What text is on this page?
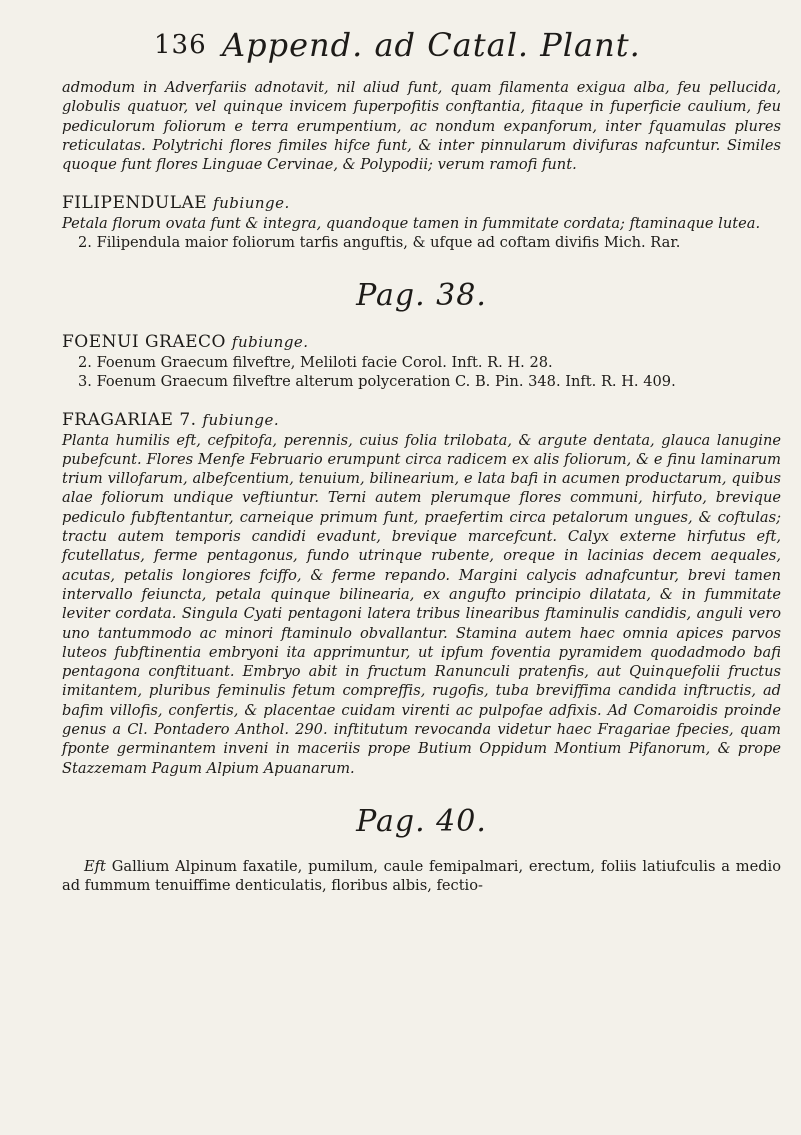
136 Append. ad Catal. Plant.

admodum in Adverfariis adnotavit, nil aliud funt, quam filamenta exigua alba, feu pellucida, globulis quatuor, vel quinque invicem fuperpofitis conftantia, fitaque in fuperficie caulium, feu pediculorum foliorum e terra erumpentium, ac nondum expanforum, inter fquamulas plures reticulatas. Polytrichi flores fimiles hifce funt, & inter pinnularum divifuras nafcuntur. Similes quoque funt flores Linguae Cervinae, & Polypodii; verum ramofi funt.

FILIPENDULAE fubiunge.

Petala florum ovata funt & integra, quandoque tamen in fummitate cordata; ftaminaque lutea.

2. Filipendula maior foliorum tarfis anguftis, & ufque ad coftam divifis Mich. Rar.

Pag. 38.

FOENUI GRAECO fubiunge.

2. Foenum Graecum filveftre, Meliloti facie Corol. Inft. R. H. 28.

3. Foenum Graecum filveftre alterum polyceration C. B. Pin. 348. Inft. R. H. 409.

FRAGARIAE 7. fubiunge.

Planta humilis eft, cefpitofa, perennis, cuius folia trilobata, & argute dentata, glauca lanugine pubefcunt. Flores Menfe Februario erumpunt circa radicem ex alis foliorum, & e finu laminarum trium villofarum, albefcentium, tenuium, bilinearium, e lata bafi in acumen productarum, quibus alae foliorum undique veftiuntur. Terni autem plerumque flores communi, hirfuto, brevique pediculo fubftentantur, carneique primum funt, praefertim circa petalorum ungues, & coftulas; tractu autem temporis candidi evadunt, brevique marcefcunt. Calyx externe hirfutus eft, fcutellatus, ferme pentagonus, fundo utrinque rubente, oreque in lacinias decem aequales, acutas, petalis longiores fciffo, & ferme repando. Margini calycis adnafcuntur, brevi tamen intervallo feiuncta, petala quinque bilinearia, ex angufto principio dilatata, & in fummitate leviter cordata. Singula Cyati pentagoni latera tribus linearibus ftaminulis candidis, anguli vero uno tantummodo ac minori ftaminulo obvallantur. Stamina autem haec omnia apices parvos luteos fubftinentia embryoni ita apprimuntur, ut ipfum foventia pyramidem quodadmodo bafi pentagona conftituant. Embryo abit in fructum Ranunculi pratenfis, aut Quinquefolii fructus imitantem, pluribus feminulis fetum compreffis, rugofis, tuba breviffima candida inftructis, ad bafim villofis, confertis, & placentae cuidam virenti ac pulpofae adfixis. Ad Comaroidis proinde genus a Cl. Pontadero Anthol. 290. inftitutum revocanda videtur haec Fragariae fpecies, quam fponte germinantem inveni in maceriis prope Butium Oppidum Montium Pifanorum, & prope Stazzemam Pagum Alpium Apuanarum.

Pag. 40.

Eft Gallium Alpinum faxatile, pumilum, caule femipalmari, erectum, foliis latiufculis a medio ad fummum tenuiffime denticulatis, floribus albis, fectio-
